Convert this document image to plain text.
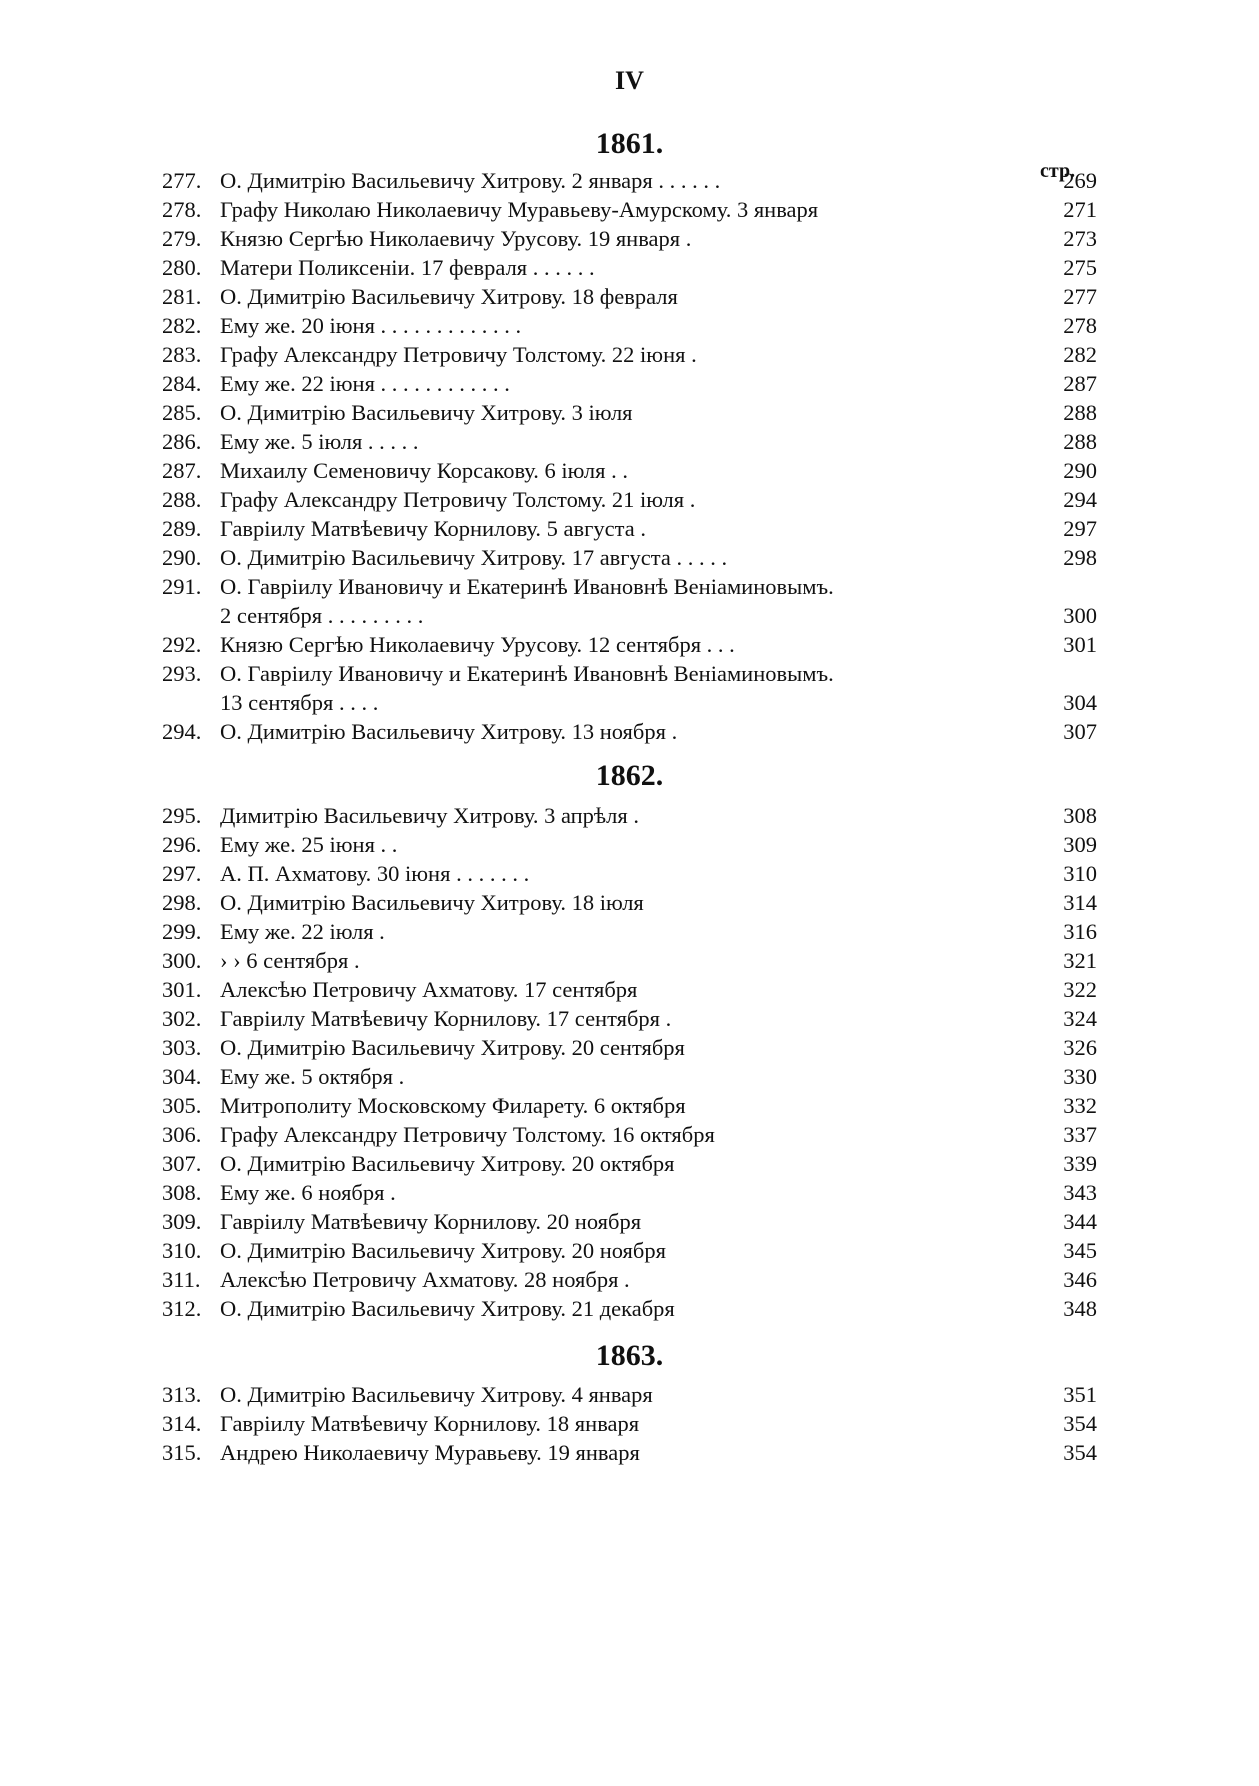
IV
стр.
1861.
277. О. Димитрію Васильевичу Хитрову. 2 января . . . . . .	269
278. Графу Николаю Николаевичу Муравьеву-Амурскому. 3 января	271
279. Князю Сергѣю Николаевичу Урусову. 19 января .	273
280. Матери Поликсеніи. 17 февраля . . . . . .	275
281. О. Димитрію Васильевичу Хитрову. 18 февраля	277
282. Ему же. 20 іюня . . . . . . . . . . . . .	278
283. Графу Александру Петровичу Толстому. 22 іюня .	282
284. Ему же. 22 іюня . . . . . . . . . . . .	287
285. О. Димитрію Васильевичу Хитрову. 3 іюля	288
286. Ему же. 5 іюля . . . . .	288
287. Михаилу Семеновичу Корсакову. 6 іюля . .	290
288. Графу Александру Петровичу Толстому. 21 іюля .	294
289. Гавріилу Матвѣевичу Корнилову. 5 августа .	297
290. О. Димитрію Васильевичу Хитрову. 17 августа . . . . .	298
291. О. Гавріилу Ивановичу и Екатеринѣ Ивановнѣ Веніаминовымъ.
2 сентября . . . . . . . . .	300
292. Князю Сергѣю Николаевичу Урусову. 12 сентября . . .	301
293. О. Гавріилу Ивановичу и Екатеринѣ Ивановнѣ Веніаминовымъ.
13 сентября . . . .	304
294. О. Димитрію Васильевичу Хитрову. 13 ноября .	307
1862.
295. Димитрію Васильевичу Хитрову. 3 апрѣля .	308
296. Ему же. 25 іюня . .	309
297. А. П. Ахматову. 30 іюня . . . . . . .	310
298. О. Димитрію Васильевичу Хитрову. 18 іюля	314
299. Ему же. 22 іюля .	316
300. › › 6 сентября .	321
301. Алексѣю Петровичу Ахматову. 17 сентября	322
302. Гавріилу Матвѣевичу Корнилову. 17 сентября .	324
303. О. Димитрію Васильевичу Хитрову. 20 сентября	326
304. Ему же. 5 октября .	330
305. Митрополиту Московскому Филарету. 6 октября	332
306. Графу Александру Петровичу Толстому. 16 октября	337
307. О. Димитрію Васильевичу Хитрову. 20 октября	339
308. Ему же. 6 ноября .	343
309. Гавріилу Матвѣевичу Корнилову. 20 ноября	344
310. О. Димитрію Васильевичу Хитрову. 20 ноября	345
311. Алексѣю Петровичу Ахматову. 28 ноября .	346
312. О. Димитрію Васильевичу Хитрову. 21 декабря	348
1863.
313. О. Димитрію Васильевичу Хитрову. 4 января	351
314. Гавріилу Матвѣевичу Корнилову. 18 января	354
315. Андрею Николаевичу Муравьеву. 19 января	354
